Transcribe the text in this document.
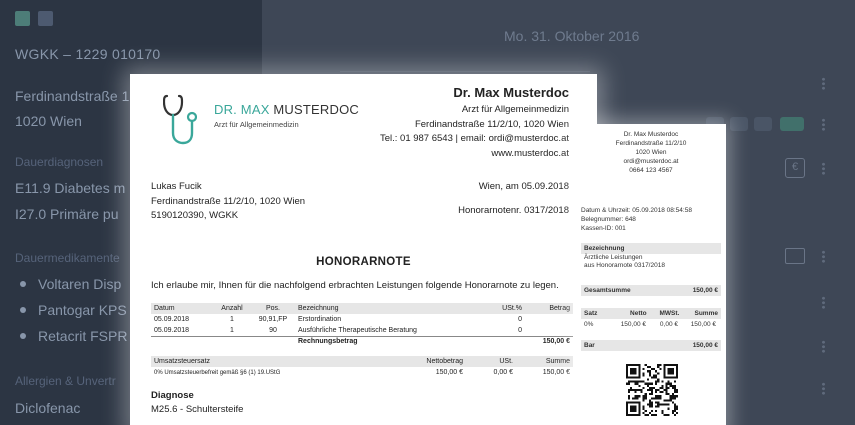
WGKK – 1229 010170
Ferdinandstraße 1
1020 Wien
Dauerdiagnosen
E11.9 Diabetes m
I27.0 Primäre pu
Dauermedikamente
Voltaren Disp
Pantogar KPS
Retacrit FSPR
Allergien & Unvertr
Diclofenac
Mo. 31. Oktober 2016
€
DR. MAX MUSTERDOC
Arzt für Allgemeinmedizin
Dr. Max Musterdoc
Arzt für Allgemeinmedizin
Ferdinandstraße 11/2/10, 1020 Wien
Tel.: 01 987 6543 | email: ordi@musterdoc.at
www.musterdoc.at
Lukas Fucik
Ferdinandstraße 11/2/10, 1020 Wien
5190120390, WGKK
Wien, am 05.09.2018
Honorarnotenr. 0317/2018
HONORARNOTE
Ich erlaube mir, Ihnen für die nachfolgend erbrachten Leistungen folgende Honorarnote zu legen.
Datum	Anzahl	Pos.	Bezeichnung	USt.%	Betrag
05.09.2018	1	90,91,FP	Erstordination	0	
05.09.2018	1	90	Ausführliche Therapeutische Beratung	0	
			Rechnungsbetrag		150,00 €
Umsatzsteuersatz	Nettobetrag	USt.	Summe
0% Umsatzsteuerbefreit gemäß §6 (1) 19.UStG	150,00 €	0,00 €	150,00 €
Diagnose
M25.6 - Schultersteife
Dr. Max Musterdoc
Ferdinandstraße 11/2/10
1020 Wien
ordi@musterdoc.at
0664 123 4567
Datum & Uhrzeit: 05.09.2018 08:54:58
Belegnummer: 648
Kassen-ID: 001
Bezeichnung
Ärztliche Leistungen
aus Honorarnote 0317/2018
Gesamtsumme	150,00 €
Satz	Netto	MWSt.	Summe
0%	150,00 €	0,00 €	150,00 €
Bar	150,00 €
